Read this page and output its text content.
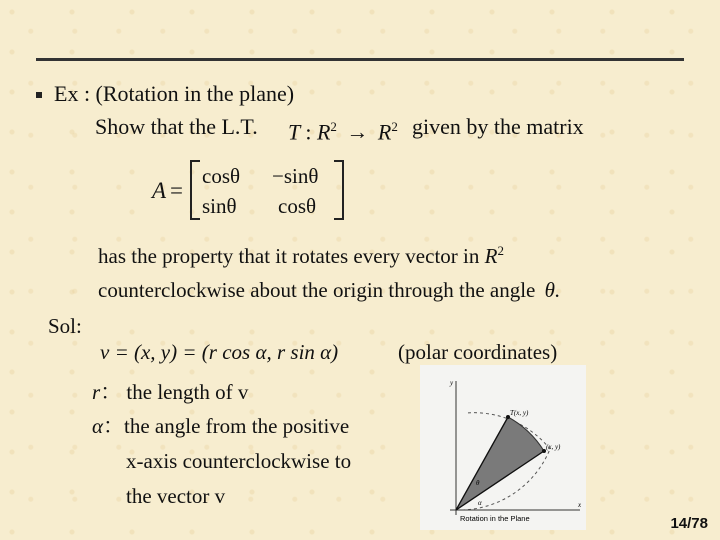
Ex : (Rotation in the plane)
Show that the L.T. T : $R^2 \to R^2$ given by the matrix
A =
cosθ −sinθ
sinθ cosθ
has the property that it rotates every vector in $R^2$
counterclockwise about the origin through the angle θ.
Sol:
v = (x, y) = (r cos α, r sin α)	(polar coordinates)
r： the length of v
α：the angle from the positive
x-axis counterclockwise to
the vector v
y
x
T(x, y)
(x, y)
θ
α
Rotation in the Plane	14/78
